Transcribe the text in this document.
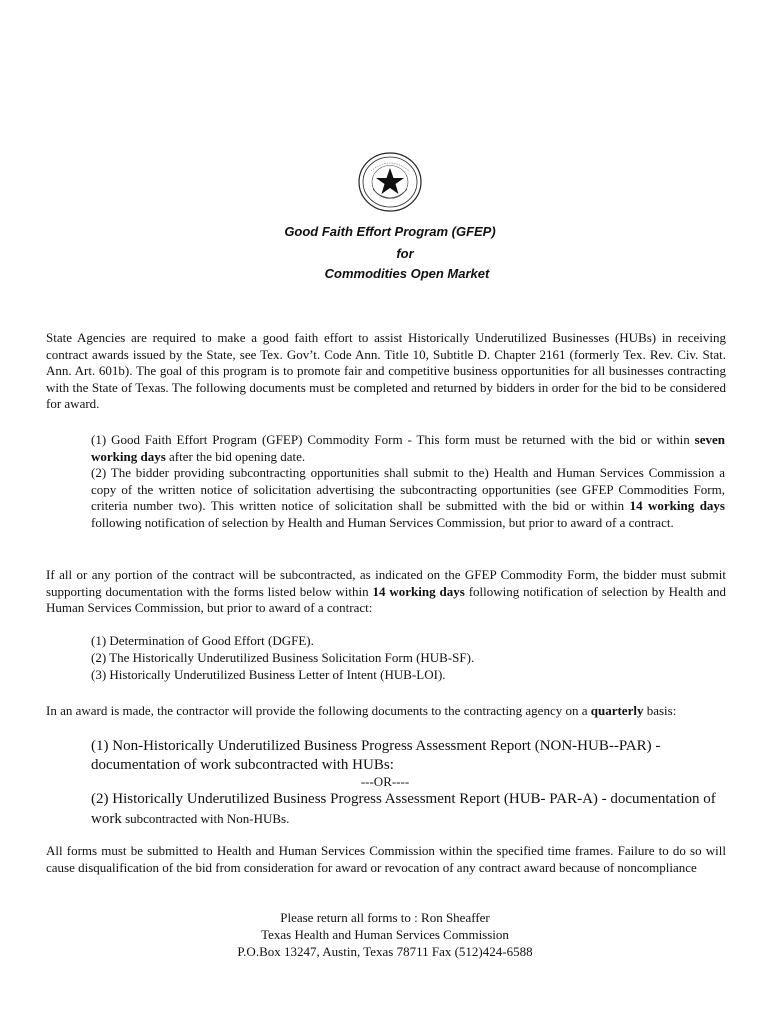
Good Faith Effort Program (GFEP)
for
Commodities Open Market

State Agencies are required to make a good faith effort to assist Historically Underutilized Businesses (HUBs) in receiving contract awards issued by the State, see Tex. Gov’t. Code Ann. Title 10, Subtitle D. Chapter 2161 (formerly Tex. Rev. Civ. Stat. Ann. Art. 601b). The goal of this program is to promote fair and competitive business opportunities for all businesses contracting with the State of Texas. The following documents must be completed and returned by bidders in order for the bid to be considered for award.

(1) Good Faith Effort Program (GFEP) Commodity Form - This form must be returned with the bid or within seven working days after the bid opening date.

(2) The bidder providing subcontracting opportunities shall submit to the) Health and Human Services Commission a copy of the written notice of solicitation advertising the subcontracting opportunities (see GFEP Commodities Form, criteria number two). This written notice of solicitation shall be submitted with the bid or within 14 working days following notification of selection by Health and Human Services Commission, but prior to award of a contract.

If all or any portion of the contract will be subcontracted, as indicated on the GFEP Commodity Form, the bidder must submit supporting documentation with the forms listed below within 14 working days following notification of selection by Health and Human Services Commission, but prior to award of a contract:

(1) Determination of Good Effort (DGFE).

(2) The Historically Underutilized Business Solicitation Form (HUB-SF).

(3) Historically Underutilized Business Letter of Intent (HUB-LOI).

In an award is made, the contractor will provide the following documents to the contracting agency on a quarterly basis:

(1) Non-Historically Underutilized Business Progress Assessment Report (NON-HUB--PAR) - documentation of work subcontracted with HUBs:

---OR----

(2) Historically Underutilized Business Progress Assessment Report (HUB- PAR-A) - documentation of work subcontracted with Non-HUBs.

All forms must be submitted to Health and Human Services Commission within the specified time frames. Failure to do so will cause disqualification of the bid from consideration for award or revocation of any contract award because of noncompliance

Please return all forms to : Ron Sheaffer

Texas Health and Human Services Commission

P.O.Box 13247, Austin, Texas 78711 Fax (512)424-6588
